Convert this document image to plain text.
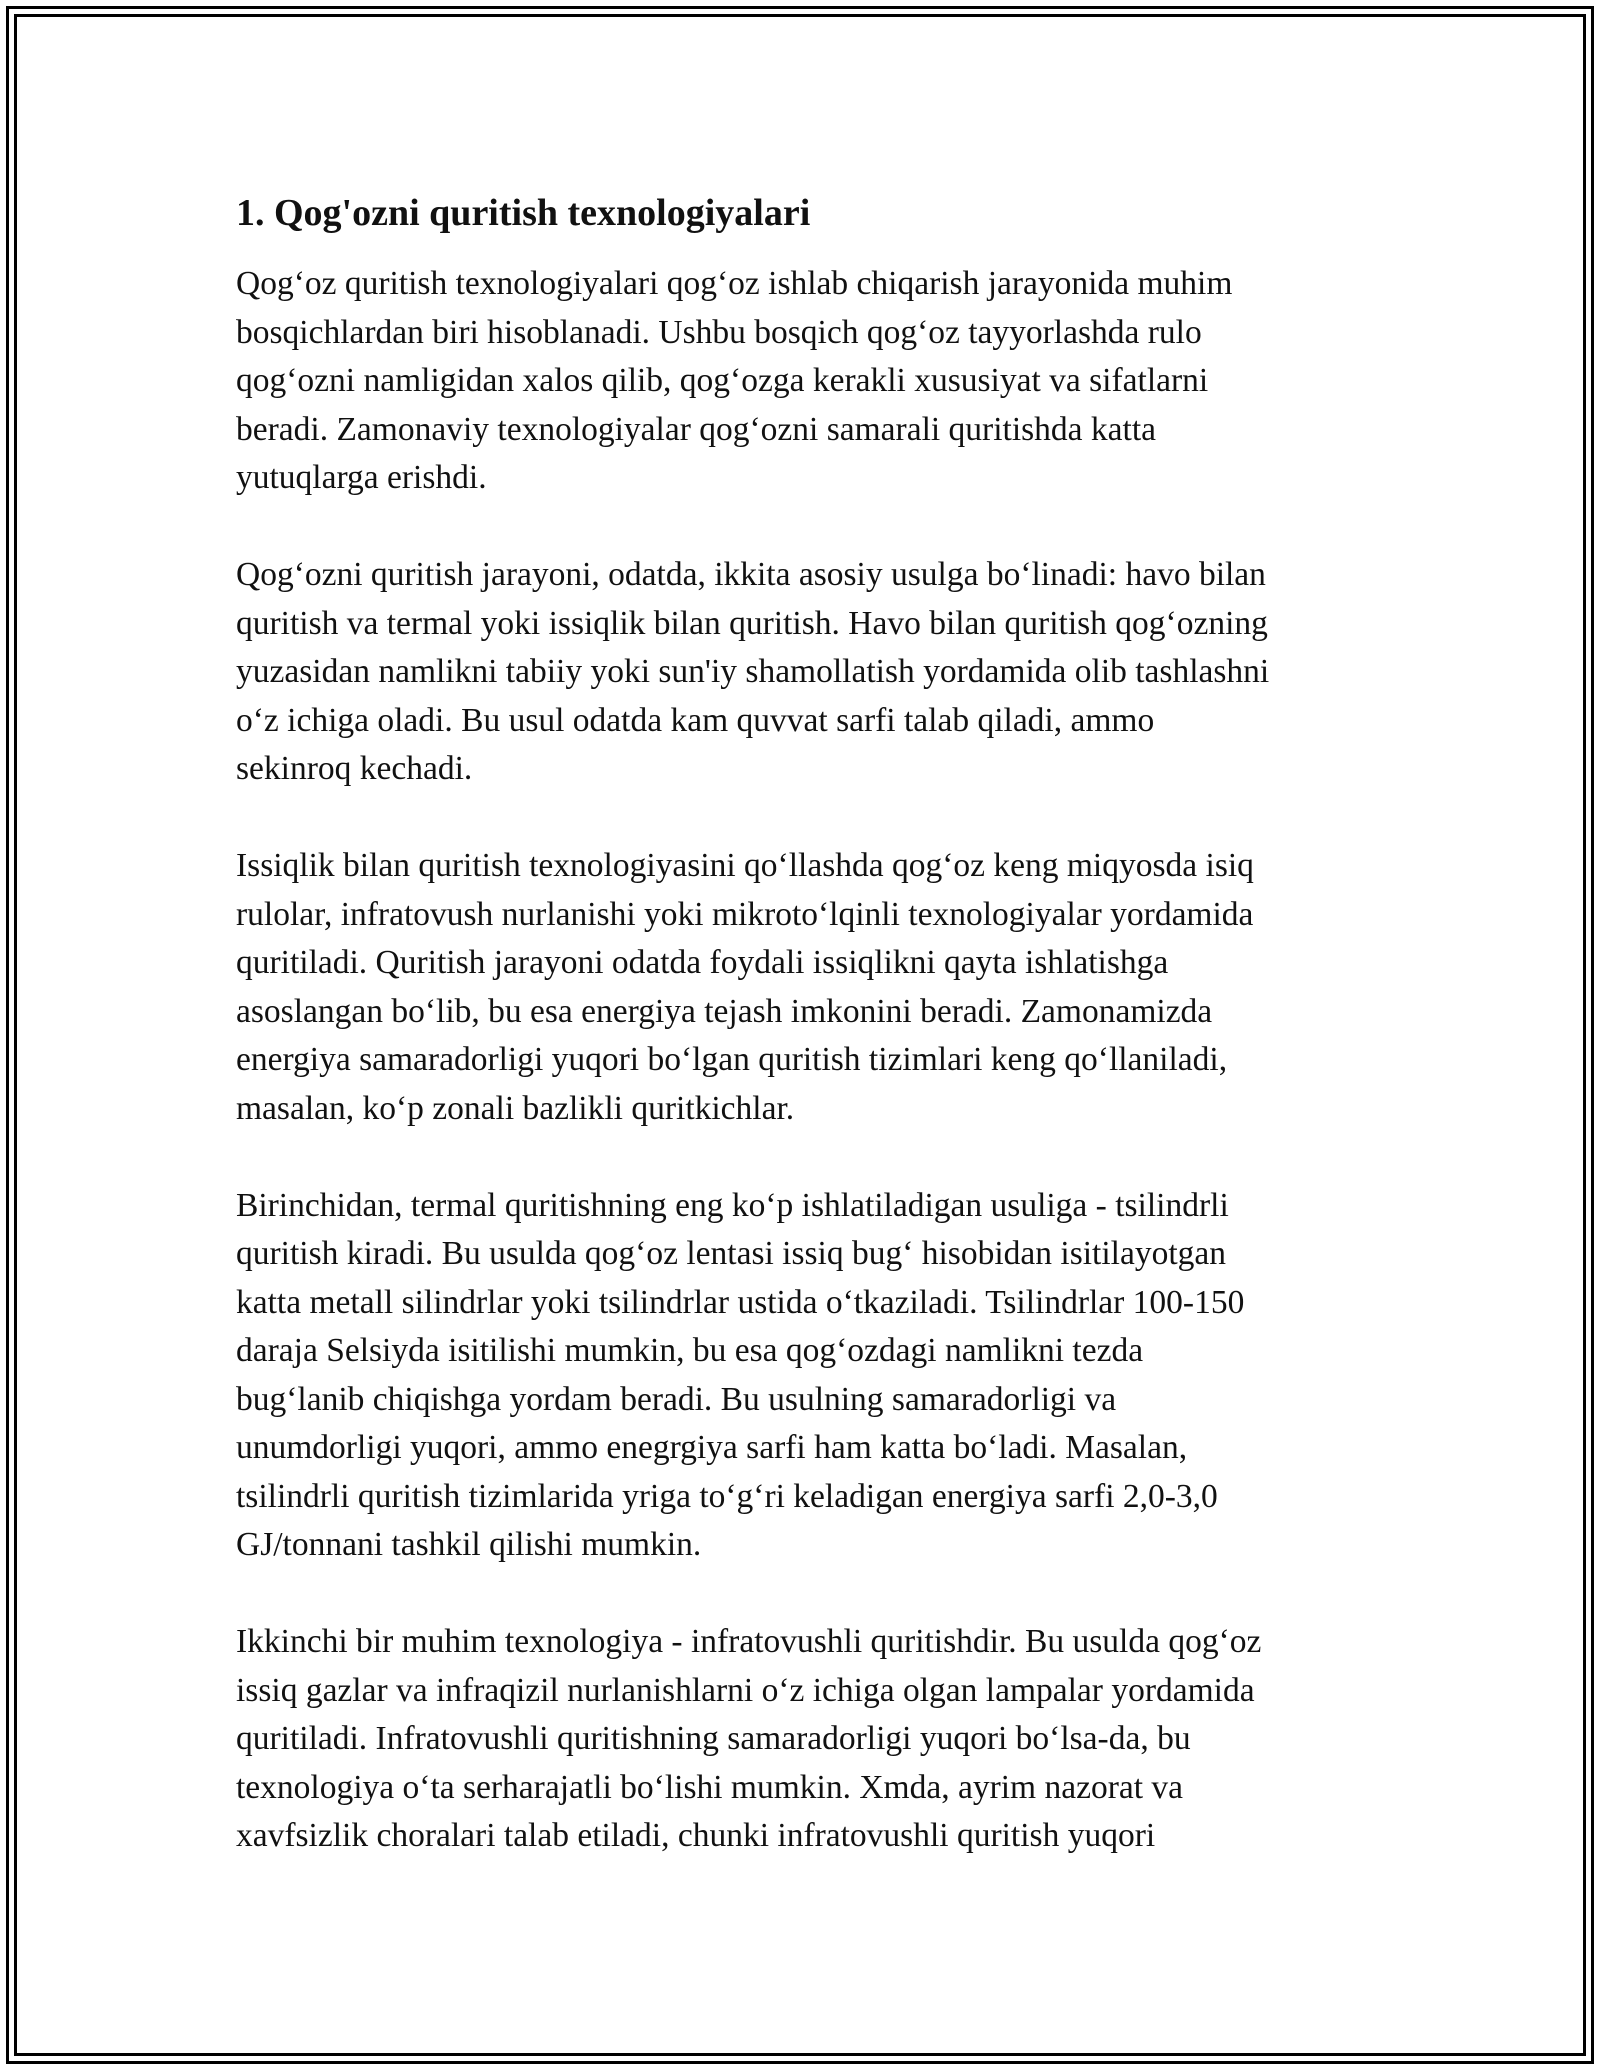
1. Qog'ozni quritish texnologiyalari

Qog‘oz quritish texnologiyalari qog‘oz ishlab chiqarish jarayonida muhim
bosqichlardan biri hisoblanadi. Ushbu bosqich qog‘oz tayyorlashda rulo
qog‘ozni namligidan xalos qilib, qog‘ozga kerakli xususiyat va sifatlarni
beradi. Zamonaviy texnologiyalar qog‘ozni samarali quritishda katta
yutuqlarga erishdi.

Qog‘ozni quritish jarayoni, odatda, ikkita asosiy usulga bo‘linadi: havo bilan
quritish va termal yoki issiqlik bilan quritish. Havo bilan quritish qog‘ozning
yuzasidan namlikni tabiiy yoki sun'iy shamollatish yordamida olib tashlashni
o‘z ichiga oladi. Bu usul odatda kam quvvat sarfi talab qiladi, ammo
sekinroq kechadi.

Issiqlik bilan quritish texnologiyasini qo‘llashda qog‘oz keng miqyosda isiq
rulolar, infratovush nurlanishi yoki mikroto‘lqinli texnologiyalar yordamida
quritiladi. Quritish jarayoni odatda foydali issiqlikni qayta ishlatishga
asoslangan bo‘lib, bu esa energiya tejash imkonini beradi. Zamonamizda
energiya samaradorligi yuqori bo‘lgan quritish tizimlari keng qo‘llaniladi,
masalan, ko‘p zonali bazlikli quritkichlar.

Birinchidan, termal quritishning eng ko‘p ishlatiladigan usuliga - tsilindrli
quritish kiradi. Bu usulda qog‘oz lentasi issiq bug‘ hisobidan isitilayotgan
katta metall silindrlar yoki tsilindrlar ustida o‘tkaziladi. Tsilindrlar 100-150
daraja Selsiyda isitilishi mumkin, bu esa qog‘ozdagi namlikni tezda
bug‘lanib chiqishga yordam beradi. Bu usulning samaradorligi va
unumdorligi yuqori, ammo enegrgiya sarfi ham katta bo‘ladi. Masalan,
tsilindrli quritish tizimlarida yriga to‘g‘ri keladigan energiya sarfi 2,0-3,0
GJ/tonnani tashkil qilishi mumkin.

Ikkinchi bir muhim texnologiya - infratovushli quritishdir. Bu usulda qog‘oz
issiq gazlar va infraqizil nurlanishlarni o‘z ichiga olgan lampalar yordamida
quritiladi. Infratovushli quritishning samaradorligi yuqori bo‘lsa-da, bu
texnologiya o‘ta serharajatli bo‘lishi mumkin. Xmda, ayrim nazorat va
xavfsizlik choralari talab etiladi, chunki infratovushli quritish yuqori
